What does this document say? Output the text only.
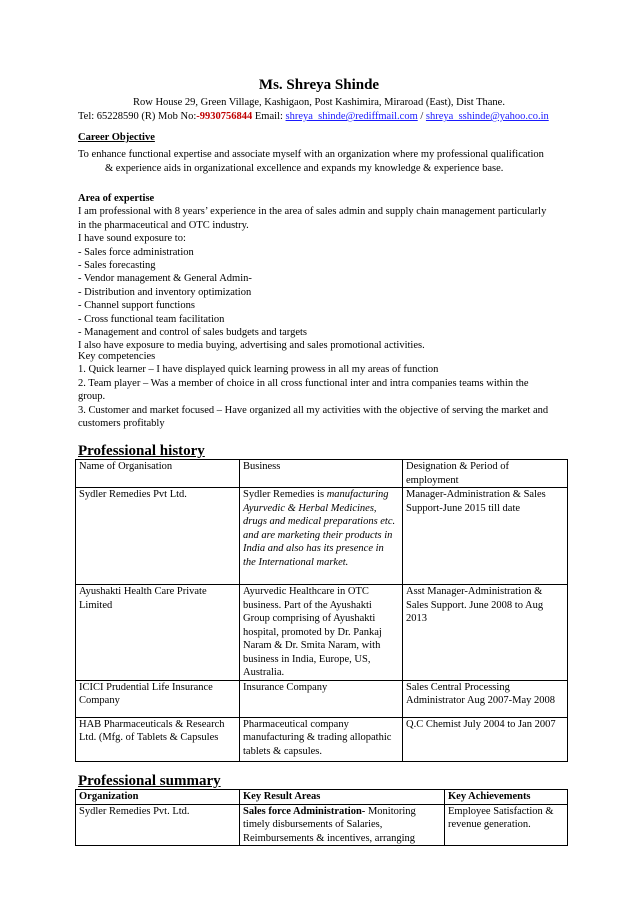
Ms. Shreya Shinde
Row House 29, Green Village, Kashigaon, Post Kashimira, Miraroad (East), Dist Thane.
Tel: 65228590 (R) Mob No:-9930756844 Email: shreya_shinde@rediffmail.com / shreya_sshinde@yahoo.co.in
Career Objective
To enhance functional expertise and associate myself with an organization where my professional qualification
& experience aids in organizational excellence and expands my knowledge & experience base.
Area of expertise
I am professional with 8 years’ experience in the area of sales admin and supply chain management particularly
in the pharmaceutical and OTC industry.
I have sound exposure to:
- Sales force administration
- Sales forecasting
- Vendor management & General Admin-
- Distribution and inventory optimization
- Channel support functions
- Cross functional team facilitation
- Management and control of sales budgets and targets
I also have exposure to media buying, advertising and sales promotional activities.
Key competencies
1. Quick learner – I have displayed quick learning prowess in all my areas of function
2. Team player – Was a member of choice in all cross functional inter and intra companies teams within the
group.
3. Customer and market focused – Have organized all my activities with the objective of serving the market and
customers profitably
Professional history
Name of Organisation	Business	Designation & Period of employment
Sydler Remedies Pvt Ltd.	Sydler Remedies is manufacturing Ayurvedic & Herbal Medicines, drugs and medical preparations etc. and are marketing their products in India and also has its presence in the International market.	Manager-Administration & Sales Support-June 2015 till date
Ayushakti Health Care Private Limited	Ayurvedic Healthcare in OTC business. Part of the Ayushakti Group comprising of Ayushakti hospital, promoted by Dr. Pankaj Naram & Dr. Smita Naram, with business in India, Europe, US, Australia.	Asst Manager-Administration & Sales Support. June 2008 to Aug 2013
ICICI Prudential Life Insurance Company	Insurance Company	Sales Central Processing Administrator Aug 2007-May 2008
HAB Pharmaceuticals & Research Ltd. (Mfg. of Tablets & Capsules	Pharmaceutical company manufacturing & trading allopathic tablets & capsules.	Q.C Chemist July 2004 to Jan 2007
Professional summary
Organization	Key Result Areas	Key Achievements
Sydler Remedies Pvt. Ltd.	Sales force Administration- Monitoring timely disbursements of Salaries, Reimbursements & incentives, arranging	Employee Satisfaction & revenue generation.
